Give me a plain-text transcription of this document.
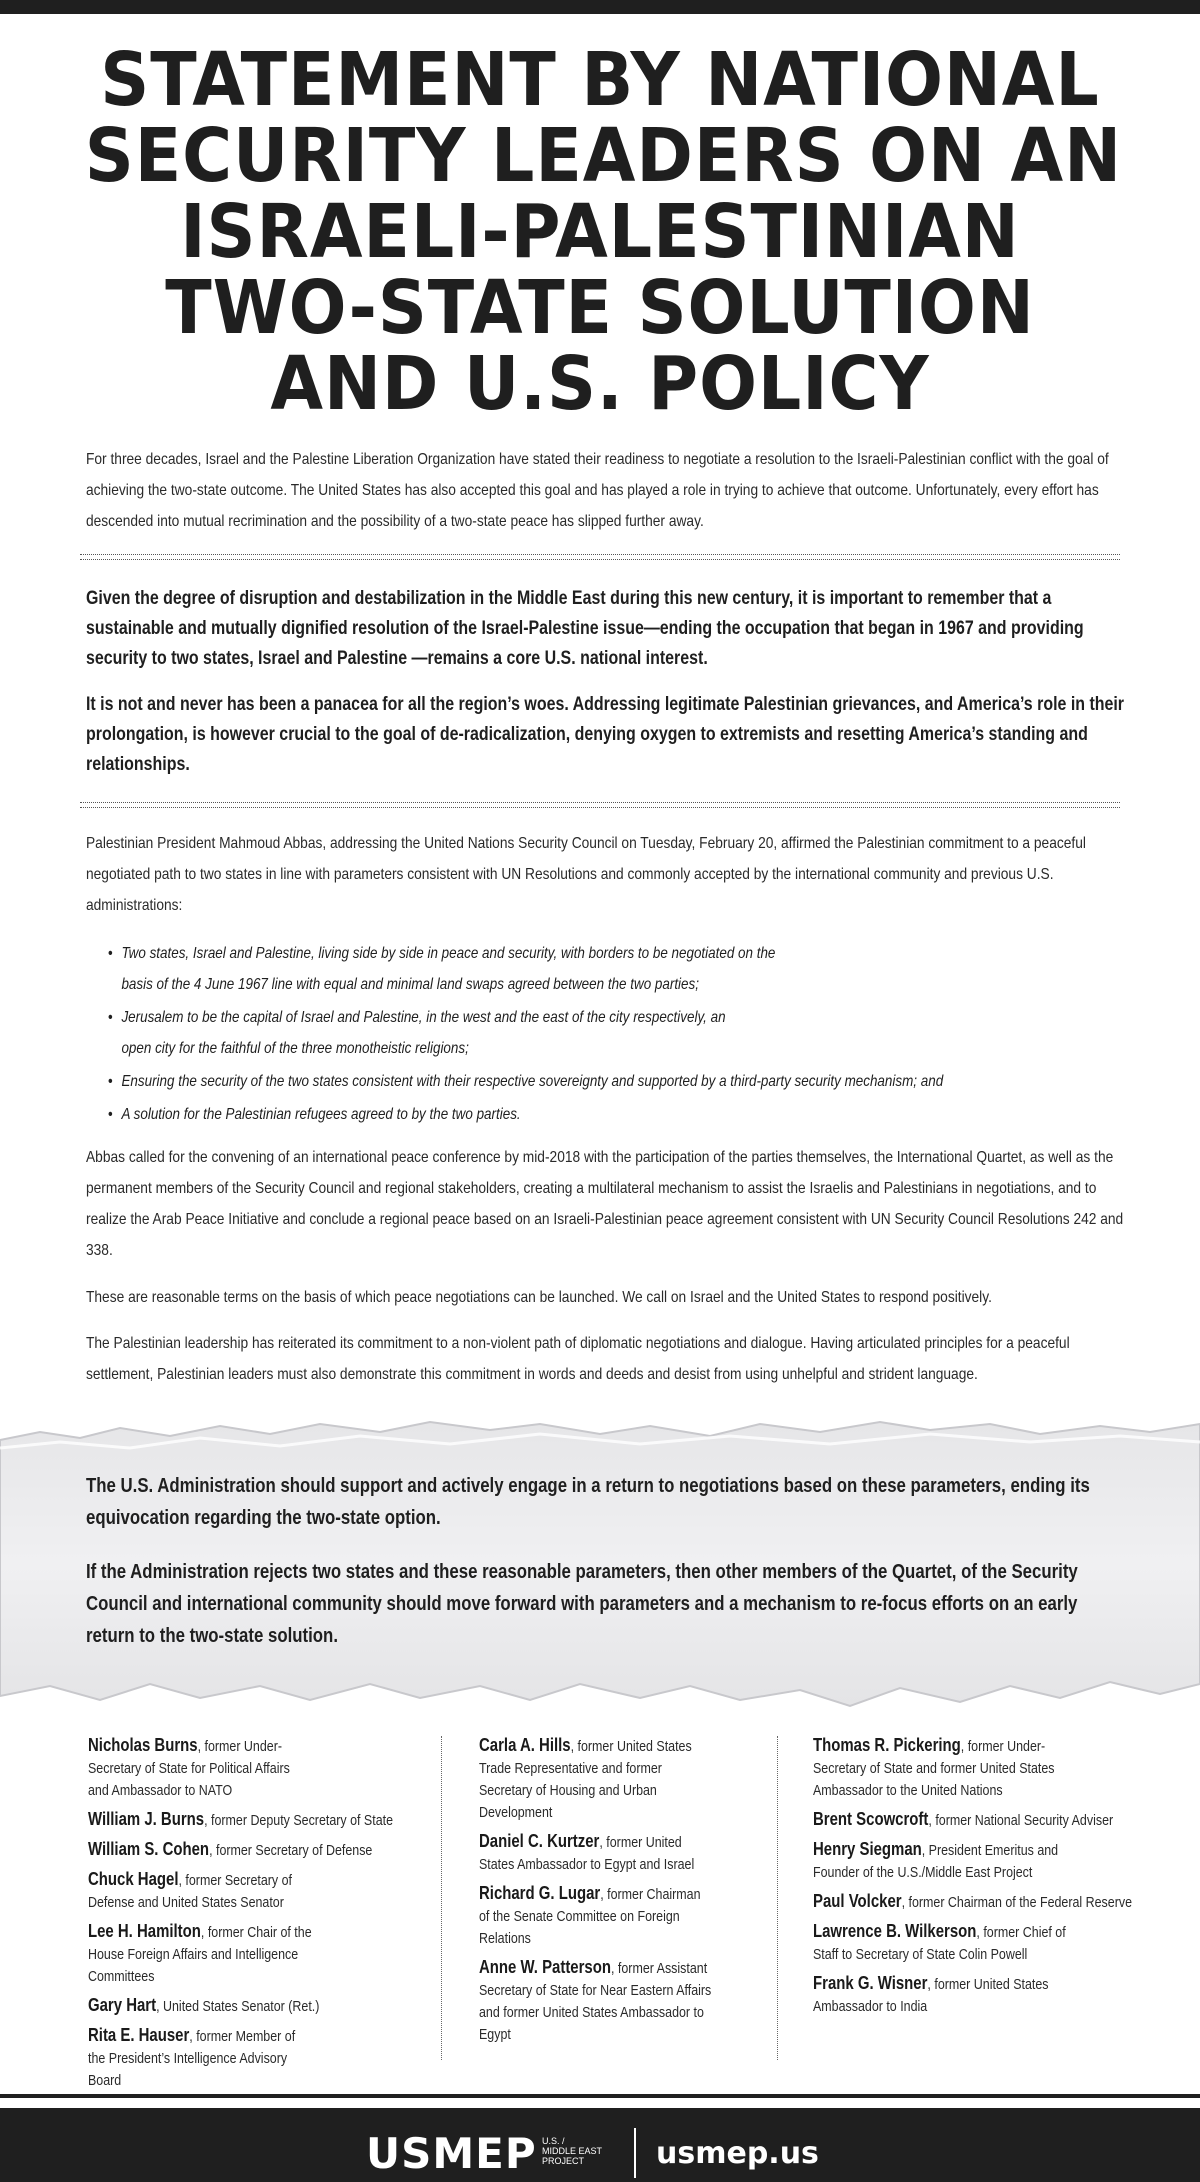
STATEMENT BY NATIONAL
SECURITY LEADERS ON AN
ISRAELI-PALESTINIAN
TWO-STATE SOLUTION
AND U.S. POLICY

For three decades, Israel and the Palestine Liberation Organization have stated their readiness to negotiate a resolution to the Israeli-Palestinian conflict with the goal of achieving the two-state outcome. The United States has also accepted this goal and has played a role in trying to achieve that outcome. Unfortunately, every effort has descended into mutual recrimination and the possibility of a two-state peace has slipped further away.

Given the degree of disruption and destabilization in the Middle East during this new century, it is important to remember that a sustainable and mutually dignified resolution of the Israel-Palestine issue—ending the occupation that began in 1967 and providing security to two states, Israel and Palestine —remains a core U.S. national interest.

It is not and never has been a panacea for all the region’s woes. Addressing legitimate Palestinian grievances, and America’s role in their prolongation, is however crucial to the goal of de-radicalization, denying oxygen to extremists and resetting America’s standing and relationships.

Palestinian President Mahmoud Abbas, addressing the United Nations Security Council on Tuesday, February 20, affirmed the Palestinian commitment to a peaceful negotiated path to two states in line with parameters consistent with UN Resolutions and commonly accepted by the international community and previous U.S. administrations:

• Two states, Israel and Palestine, living side by side in peace and security, with borders to be negotiated on the basis of the 4 June 1967 line with equal and minimal land swaps agreed between the two parties;
• Jerusalem to be the capital of Israel and Palestine, in the west and the east of the city respectively, an open city for the faithful of the three monotheistic religions;
• Ensuring the security of the two states consistent with their respective sovereignty and supported by a third-party security mechanism; and
• A solution for the Palestinian refugees agreed to by the two parties.

Abbas called for the convening of an international peace conference by mid-2018 with the participation of the parties themselves, the International Quartet, as well as the permanent members of the Security Council and regional stakeholders, creating a multilateral mechanism to assist the Israelis and Palestinians in negotiations, and to realize the Arab Peace Initiative and conclude a regional peace based on an Israeli-Palestinian peace agreement consistent with UN Security Council Resolutions 242 and 338.

These are reasonable terms on the basis of which peace negotiations can be launched. We call on Israel and the United States to respond positively.

The Palestinian leadership has reiterated its commitment to a non-violent path of diplomatic negotiations and dialogue. Having articulated principles for a peaceful settlement, Palestinian leaders must also demonstrate this commitment in words and deeds and desist from using unhelpful and strident language.

The U.S. Administration should support and actively engage in a return to negotiations based on these parameters, ending its equivocation regarding the two-state option.

If the Administration rejects two states and these reasonable parameters, then other members of the Quartet, of the Security Council and international community should move forward with parameters and a mechanism to re-focus efforts on an early return to the two-state solution.

Nicholas Burns, former Under-Secretary of State for Political Affairs and Ambassador to NATO

William J. Burns, former Deputy Secretary of State

William S. Cohen, former Secretary of Defense

Chuck Hagel, former Secretary of Defense and United States Senator

Lee H. Hamilton, former Chair of the House Foreign Affairs and Intelligence Committees

Gary Hart, United States Senator (Ret.)

Rita E. Hauser, former Member of the President’s Intelligence Advisory Board

Carla A. Hills, former United States Trade Representative and former Secretary of Housing and Urban Development

Daniel C. Kurtzer, former United States Ambassador to Egypt and Israel

Richard G. Lugar, former Chairman of the Senate Committee on Foreign Relations

Anne W. Patterson, former Assistant Secretary of State for Near Eastern Affairs and former United States Ambassador to Egypt

Thomas R. Pickering, former Under-Secretary of State and former United States Ambassador to the United Nations

Brent Scowcroft, former National Security Adviser

Henry Siegman, President Emeritus and Founder of the U.S./Middle East Project

Paul Volcker, former Chairman of the Federal Reserve

Lawrence B. Wilkerson, former Chief of Staff to Secretary of State Colin Powell

Frank G. Wisner, former United States Ambassador to India

USMEP U.S. /
MIDDLE EAST
PROJECT	usmep.us
